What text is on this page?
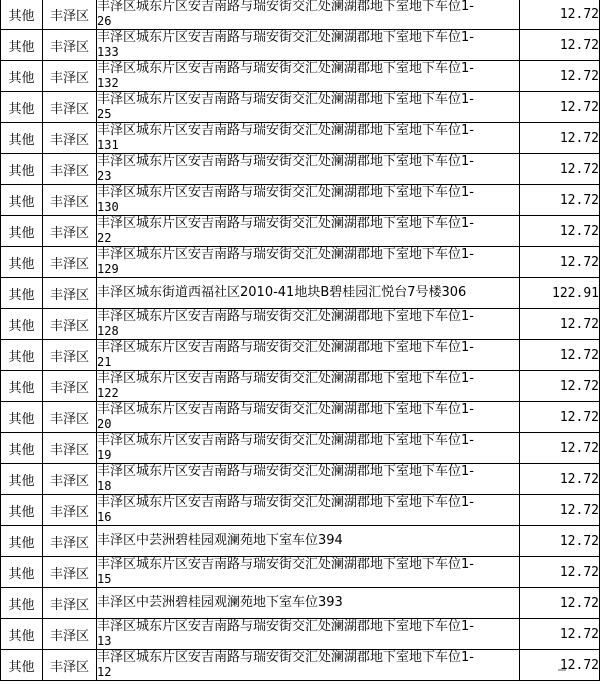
其他	丰泽区	丰泽区城东片区安吉南路与瑞安街交汇处澜湖郡地下室地下车位1-
26	12.72
其他	丰泽区	丰泽区城东片区安吉南路与瑞安街交汇处澜湖郡地下室地下车位1-
133	12.72
其他	丰泽区	丰泽区城东片区安吉南路与瑞安街交汇处澜湖郡地下室地下车位1-
132	12.72
其他	丰泽区	丰泽区城东片区安吉南路与瑞安街交汇处澜湖郡地下室地下车位1-
25	12.72
其他	丰泽区	丰泽区城东片区安吉南路与瑞安街交汇处澜湖郡地下室地下车位1-
131	12.72
其他	丰泽区	丰泽区城东片区安吉南路与瑞安街交汇处澜湖郡地下室地下车位1-
23	12.72
其他	丰泽区	丰泽区城东片区安吉南路与瑞安街交汇处澜湖郡地下室地下车位1-
130	12.72
其他	丰泽区	丰泽区城东片区安吉南路与瑞安街交汇处澜湖郡地下室地下车位1-
22	12.72
其他	丰泽区	丰泽区城东片区安吉南路与瑞安街交汇处澜湖郡地下室地下车位1-
129	12.72
其他	丰泽区	丰泽区城东街道西福社区2010-41地块B碧桂园汇悦台7号楼306	122.91
其他	丰泽区	丰泽区城东片区安吉南路与瑞安街交汇处澜湖郡地下室地下车位1-
128	12.72
其他	丰泽区	丰泽区城东片区安吉南路与瑞安街交汇处澜湖郡地下室地下车位1-
21	12.72
其他	丰泽区	丰泽区城东片区安吉南路与瑞安街交汇处澜湖郡地下室地下车位1-
122	12.72
其他	丰泽区	丰泽区城东片区安吉南路与瑞安街交汇处澜湖郡地下室地下车位1-
20	12.72
其他	丰泽区	丰泽区城东片区安吉南路与瑞安街交汇处澜湖郡地下室地下车位1-
19	12.72
其他	丰泽区	丰泽区城东片区安吉南路与瑞安街交汇处澜湖郡地下室地下车位1-
18	12.72
其他	丰泽区	丰泽区城东片区安吉南路与瑞安街交汇处澜湖郡地下室地下车位1-
16	12.72
其他	丰泽区	丰泽区中芸洲碧桂园观澜苑地下室车位394	12.72
其他	丰泽区	丰泽区城东片区安吉南路与瑞安街交汇处澜湖郡地下室地下车位1-
15	12.72
其他	丰泽区	丰泽区中芸洲碧桂园观澜苑地下室车位393	12.72
其他	丰泽区	丰泽区城东片区安吉南路与瑞安街交汇处澜湖郡地下室地下车位1-
13	12.72
其他	丰泽区	丰泽区城东片区安吉南路与瑞安街交汇处澜湖郡地下室地下车位1-
12	12.72
